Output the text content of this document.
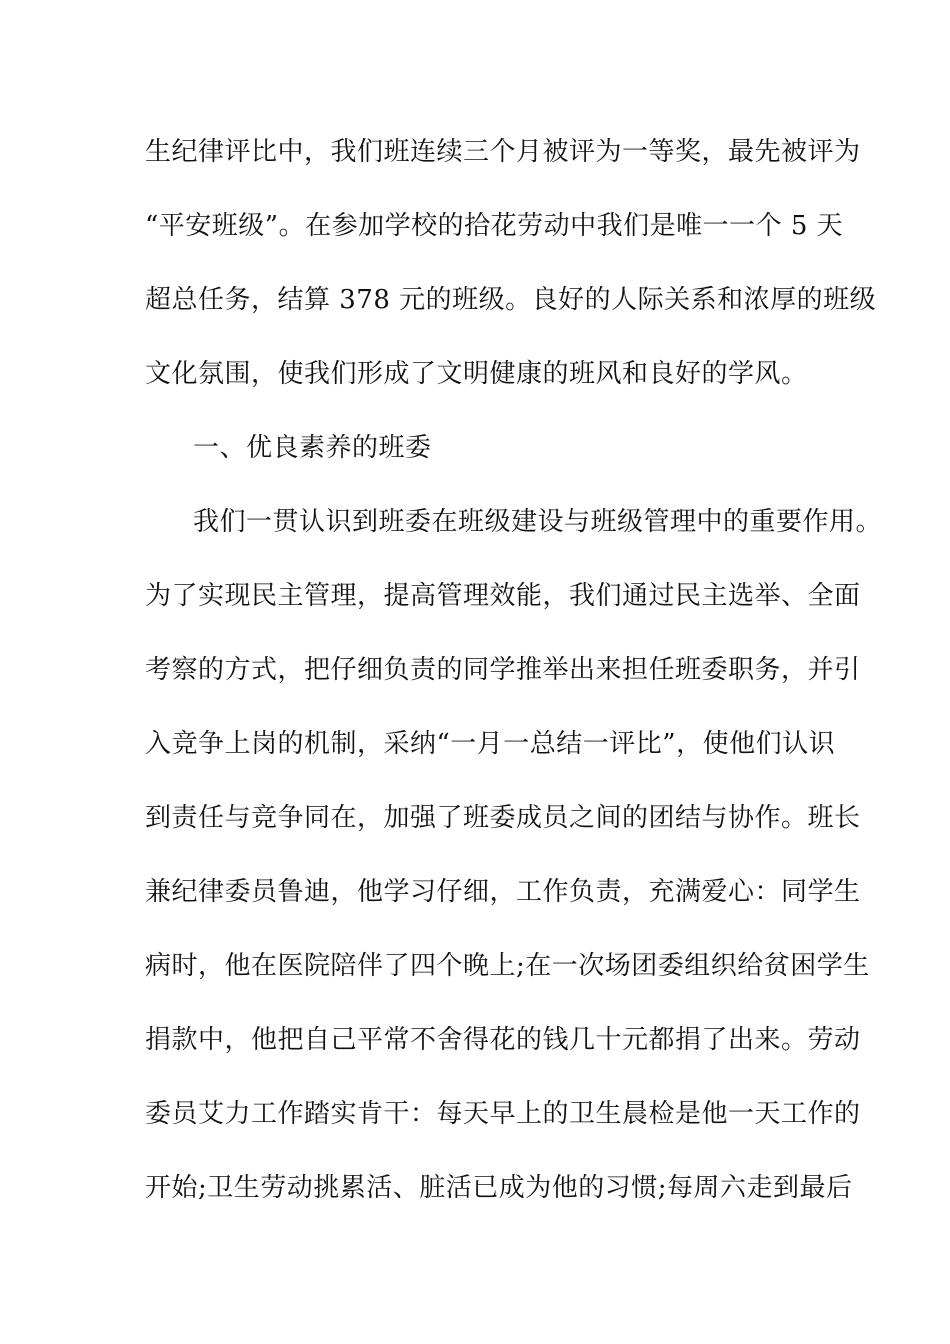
生纪律评比中，我们班连续三个月被评为一等奖，最先被评为
“平安班级”。在参加学校的拾花劳动中我们是唯一一个 5 天
超总任务，结算 378 元的班级。良好的人际关系和浓厚的班级
文化氛围，使我们形成了文明健康的班风和良好的学风。
一、优良素养的班委
我们一贯认识到班委在班级建设与班级管理中的重要作用。
为了实现民主管理，提高管理效能，我们通过民主选举、全面
考察的方式，把仔细负责的同学推举出来担任班委职务，并引
入竞争上岗的机制，采纳“一月一总结一评比”，使他们认识
到责任与竞争同在，加强了班委成员之间的团结与协作。班长
兼纪律委员鲁迪，他学习仔细，工作负责，充满爱心：同学生
病时，他在医院陪伴了四个晚上;在一次场团委组织给贫困学生
捐款中，他把自己平常不舍得花的钱几十元都捐了出来。劳动
委员艾力工作踏实肯干：每天早上的卫生晨检是他一天工作的
开始;卫生劳动挑累活、脏活已成为他的习惯;每周六走到最后
